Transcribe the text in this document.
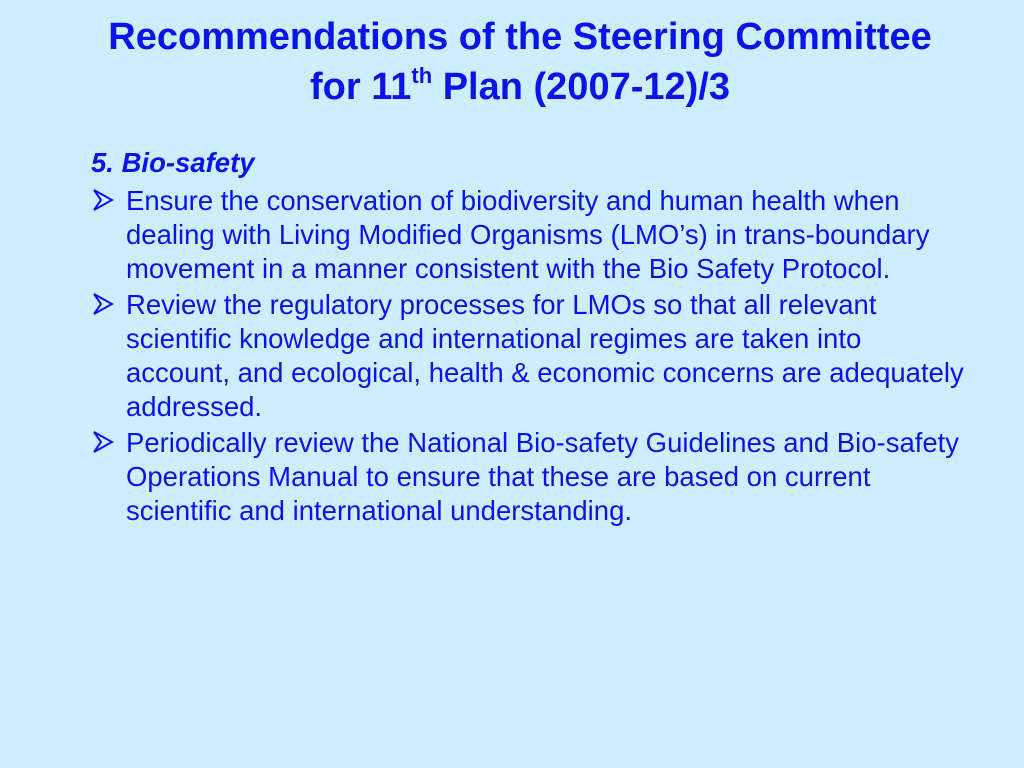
Recommendations of the Steering Committee
for 11th Plan (2007-12)/3

5. Bio-safety

Ensure the conservation of biodiversity and human health when dealing with Living Modified Organisms (LMO’s) in trans-boundary movement in a manner consistent with the Bio Safety Protocol.
Review the regulatory processes for LMOs so that all relevant scientific knowledge and international regimes are taken into account, and ecological, health & economic concerns are adequately addressed.
Periodically review the National Bio-safety Guidelines and Bio-safety Operations Manual to ensure that these are based on current scientific and international understanding.
